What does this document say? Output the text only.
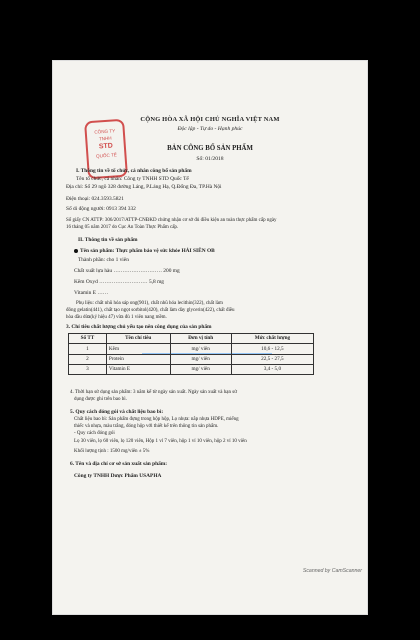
CÔNG TY
TNHH
STD
QUỐC TẾ
CỘNG HÒA XÃ HỘI CHỦ NGHĨA VIỆT NAM
Độc lập - Tự do - Hạnh phúc
BẢN CÔNG BỐ SẢN PHẨM
Số: 01/2018
I. Thông tin về tổ chức, cá nhân công bố sản phẩm
Tên tổ chức, cá nhân: Công ty TNHH STD Quốc Tế
Địa chỉ: Số 29 ngõ 328 đường Láng, P.Láng Hạ, Q.Đống Đa, TP.Hà Nội
Điện thoại: 024.3593.5821
Số di động người: 0913 394 332
Số giấy CN ATTP: 306/2017/ATTP-CNĐKD chứng nhận cơ sở đủ điều kiện an toàn thực phẩm cấp ngày
16 tháng 05 năm 2017 do Cục An Toàn Thực Phẩm cấp.
II. Thông tin về sản phẩm
Tên sản phẩm: Thực phẩm bảo vệ sức khỏe HẢI SIÊN OB
Thành phần: cho 1 viên
Chất xuất lựa hàu ……………………… 200 mg
Kẽm Oxyd ……………………… 5,8 mg
Vitamin E ……
Phụ liệu: chất nhũ hóa sáp ong(901), chất nhũ hóa lecithin(322), chất làm
đông gelatin(441), chất tạo ngọt sorbitol(420), chất làm dày glycerin(422), chất điều
hòa dầu dừa(ký hiệu 47) vừa đủ 1 viên nang mềm.
3. Chỉ tiêu chất lượng chủ yếu tạo nên công dụng của sản phẩm
Số TT	Tên chỉ tiêu	Đơn vị tính	Mức chất lượng
1	Kẽm	mg/ viên	10,6 - 12,5
2	Protein	mg/ viên	22,5 - 27,5
3	Vitamin E	mg/ viên	3,4 - 5,0
4. Thời hạn sử dụng sản phẩm: 3 năm kể từ ngày sản xuất. Ngày sản xuất và hạn sử
dụng được ghi trên bao bì.
5. Quy cách đóng gói và chất liệu bao bì:
Chất liệu bao bì: Sản phẩm đựng trong hộp hộp, Lọ nhựa: nắp nhựa HDPE, miếng
thiếc và nhựa, màu trắng, đóng hộp với thiết kế trên thông tin sản phẩm.
- Quy cách đóng gói
Lọ 30 viên, lọ 60 viên, lọ 120 viên, Hộp 1 vỉ 7 viên, hộp 1 vỉ 10 viên, hộp 2 vỉ 10 viên
Khối lượng tịnh : 1500 mg/viên ± 5%
6. Tên và địa chỉ cơ sở sản xuất sản phẩm:
Công ty TNHH Dược Phẩm USAPHA
Scanned by CamScanner
